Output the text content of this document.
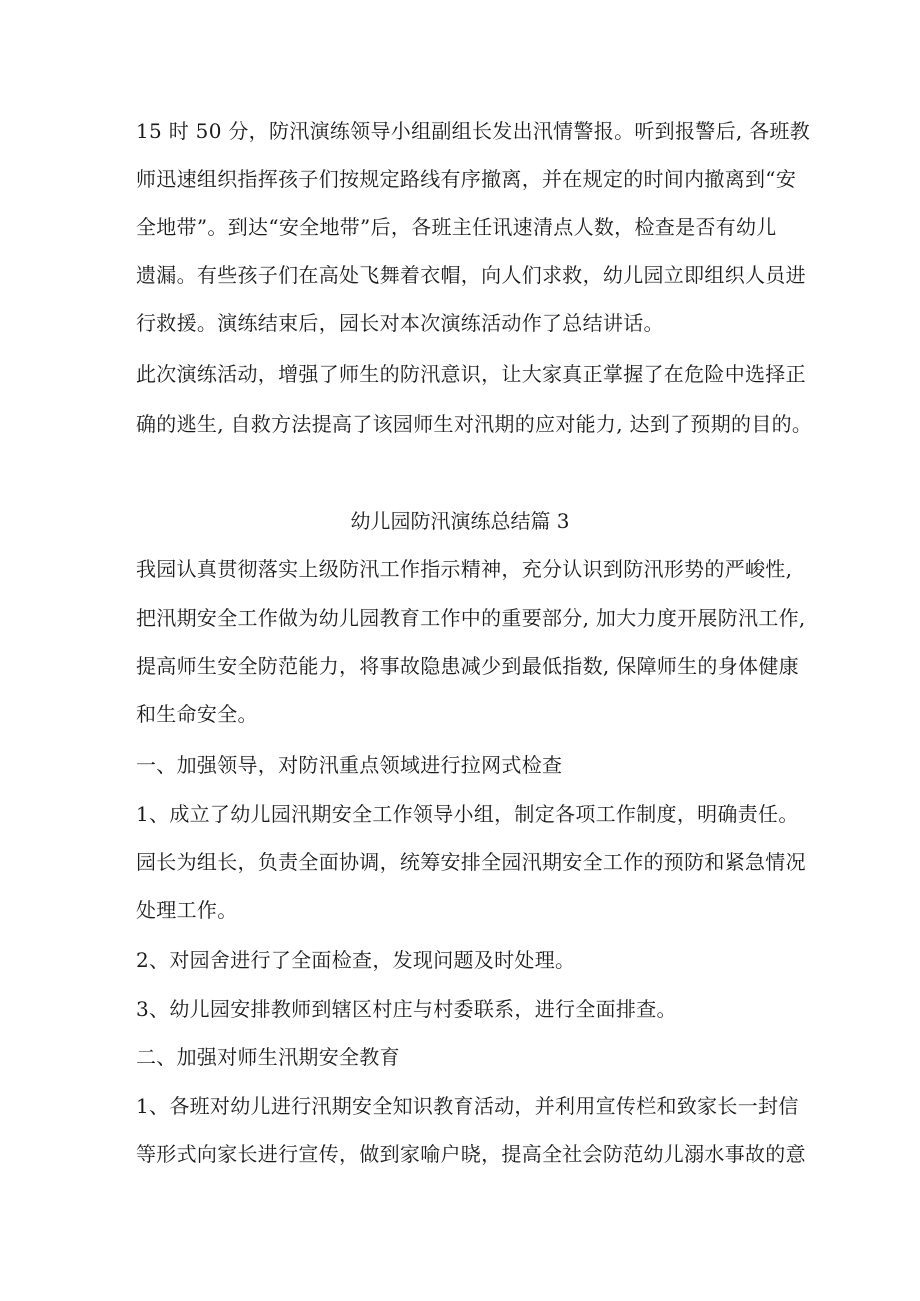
15 时 50 分，防汛演练领导小组副组长发出汛情警报。听到报警后, 各班教
师迅速组织指挥孩子们按规定路线有序撤离，并在规定的时间内撤离到“安
全地带”。到达“安全地带”后，各班主任讯速清点人数，检查是否有幼儿
遗漏。有些孩子们在高处飞舞着衣帽，向人们求救，幼儿园立即组织人员进
行救援。演练结束后，园长对本次演练活动作了总结讲话。
此次演练活动，增强了师生的防汛意识，让大家真正掌握了在危险中选择正
确的逃生, 自救方法提高了该园师生对汛期的应对能力, 达到了预期的目的。
幼儿园防汛演练总结篇 3
我园认真贯彻落实上级防汛工作指示精神，充分认识到防汛形势的严峻性,
把汛期安全工作做为幼儿园教育工作中的重要部分, 加大力度开展防汛工作,
提高师生安全防范能力，将事故隐患减少到最低指数, 保障师生的身体健康
和生命安全。
一、加强领导，对防汛重点领域进行拉网式检查
1、成立了幼儿园汛期安全工作领导小组，制定各项工作制度，明确责任。
园长为组长，负责全面协调，统筹安排全园汛期安全工作的预防和紧急情况
处理工作。
2、对园舍进行了全面检查，发现问题及时处理。
3、幼儿园安排教师到辖区村庄与村委联系，进行全面排查。
二、加强对师生汛期安全教育
1、各班对幼儿进行汛期安全知识教育活动，并利用宣传栏和致家长一封信
等形式向家长进行宣传，做到家喻户晓，提高全社会防范幼儿溺水事故的意
